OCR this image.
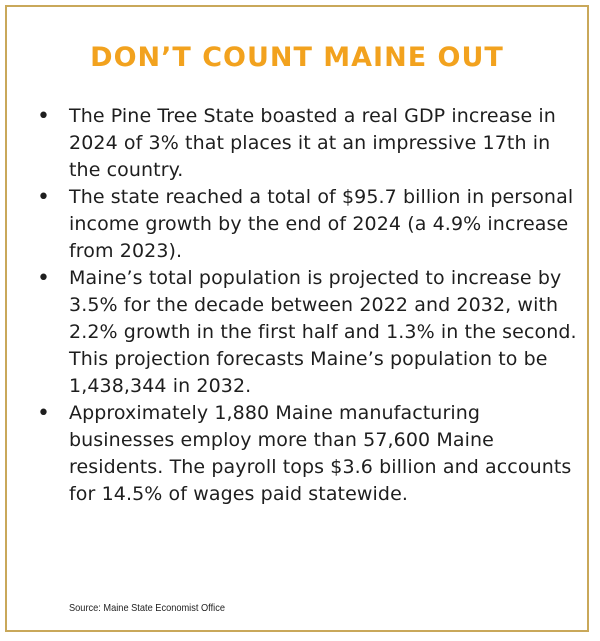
DON’T COUNT MAINE OUT
• The Pine Tree State boasted a real GDP increase in 2024 of 3% that places it at an impressive 17th in the country.
• The state reached a total of $95.7 billion in personal income growth by the end of 2024 (a 4.9% increase from 2023).
• Maine’s total population is projected to increase by 3.5% for the decade between 2022 and 2032, with 2.2% growth in the first half and 1.3% in the second. This projection forecasts Maine’s population to be 1,438,344 in 2032.
• Approximately 1,880 Maine manufacturing businesses employ more than 57,600 Maine residents. The payroll tops $3.6 billion and accounts for 14.5% of wages paid statewide.

Source: Maine State Economist Office
